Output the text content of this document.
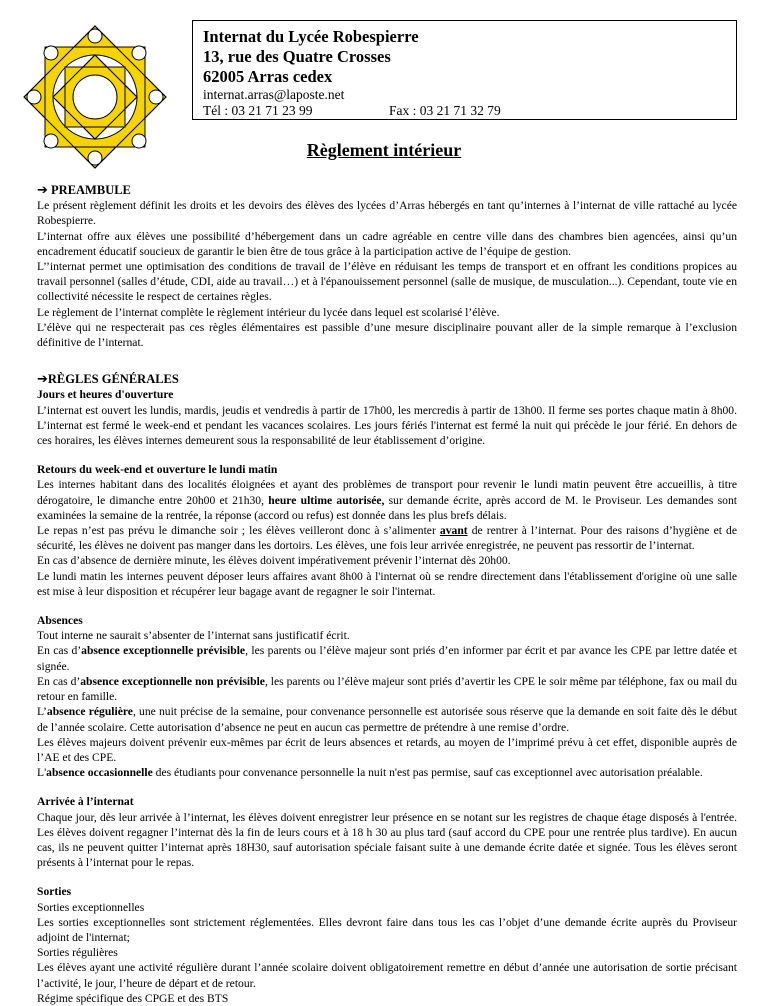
Internat du Lycée Robespierre
13, rue des Quatre Crosses
62005 Arras cedex
internat.arras@laposte.net
Tél : 03 21 71 23 99	Fax : 03 21 71 32 79
Règlement intérieur
➔ PREAMBULE

Le présent règlement définit les droits et les devoirs des élèves des lycées d’Arras hébergés en tant qu’internes à l’internat de ville rattaché au lycée Robespierre.

L’internat offre aux élèves une possibilité d’hébergement dans un cadre agréable en centre ville dans des chambres bien agencées, ainsi qu’un encadrement éducatif soucieux de garantir le bien être de tous grâce à la participation active de l’équipe de gestion.

L’’internat permet une optimisation des conditions de travail de l’élève en réduisant les temps de transport et en offrant les conditions propices au travail personnel (salles d’étude, CDI, aide au travail…) et à l'épanouissement personnel (salle de musique, de musculation...). Cependant, toute vie en collectivité nécessite le respect de certaines règles.

Le règlement de l’internat complète le règlement intérieur du lycée dans lequel est scolarisé l’élève.

L’élève qui ne respecterait pas ces règles élémentaires est passible d’une mesure disciplinaire pouvant aller de la simple remarque à l’exclusion définitive de l’internat.

➔RÈGLES GÉNÉRALES

Jours et heures d'ouverture

L’internat est ouvert les lundis, mardis, jeudis et vendredis à partir de 17h00, les mercredis à partir de 13h00. Il ferme ses portes chaque matin à 8h00. L’internat est fermé le week-end et pendant les vacances scolaires. Les jours fériés l'internat est fermé la nuit qui précède le jour férié. En dehors de ces horaires, les élèves internes demeurent sous la responsabilité de leur établissement d’origine.

Retours du week-end et ouverture le lundi matin

Les internes habitant dans des localités éloignées et ayant des problèmes de transport pour revenir le lundi matin peuvent être accueillis, à titre dérogatoire, le dimanche entre 20h00 et 21h30, heure ultime autorisée, sur demande écrite, après accord de M. le Proviseur. Les demandes sont examinées la semaine de la rentrée, la réponse (accord ou refus) est donnée dans les plus brefs délais.

Le repas n’est pas prévu le dimanche soir ; les élèves veilleront donc à s’alimenter avant de rentrer à l’internat. Pour des raisons d’hygiène et de sécurité, les élèves ne doivent pas manger dans les dortoirs. Les élèves, une fois leur arrivée enregistrée, ne peuvent pas ressortir de l’internat.

En cas d’absence de dernière minute, les élèves doivent impérativement prévenir l’internat dès 20h00.

Le lundi matin les internes peuvent déposer leurs affaires avant 8h00 à l'internat où se rendre directement dans l'établissement d'origine où une salle est mise à leur disposition et récupérer leur bagage avant de regagner le soir l'internat.

Absences

Tout interne ne saurait s’absenter de l’internat sans justificatif écrit.

En cas d’absence exceptionnelle prévisible, les parents ou l’élève majeur sont priés d’en informer par écrit et par avance les CPE par lettre datée et signée.

En cas d’absence exceptionnelle non prévisible, les parents ou l’élève majeur sont priés d’avertir les CPE le soir même par téléphone, fax ou mail du retour en famille.

L’absence régulière, une nuit précise de la semaine, pour convenance personnelle est autorisée sous réserve que la demande en soit faite dès le début de l’année scolaire. Cette autorisation d’absence ne peut en aucun cas permettre de prétendre à une remise d’ordre.

Les élèves majeurs doivent prévenir eux-mêmes par écrit de leurs absences et retards, au moyen de l’imprimé prévu à cet effet, disponible auprès de l’AE et des CPE.

L'absence occasionnelle des étudiants pour convenance personnelle la nuit n'est pas permise, sauf cas exceptionnel avec autorisation préalable.

Arrivée à l’internat

Chaque jour, dès leur arrivée à l’internat, les élèves doivent enregistrer leur présence en se notant sur les registres de chaque étage disposés à l'entrée. Les élèves doivent regagner l’internat dès la fin de leurs cours et à 18 h 30 au plus tard (sauf accord du CPE pour une rentrée plus tardive). En aucun cas, ils ne peuvent quitter l’internat après 18H30, sauf autorisation spéciale faisant suite à une demande écrite datée et signée. Tous les élèves seront présents à l’internat pour le repas.

Sorties

Sorties exceptionnelles

Les sorties exceptionnelles sont strictement réglementées. Elles devront faire dans tous les cas l’objet d’une demande écrite auprès du Proviseur adjoint de l'internat;

Sorties régulières

Les élèves ayant une activité régulière durant l’année scolaire doivent obligatoirement remettre en début d’année une autorisation de sortie précisant l’activité, le jour, l’heure de départ et de retour.

Régime spécifique des CPGE et des BTS
